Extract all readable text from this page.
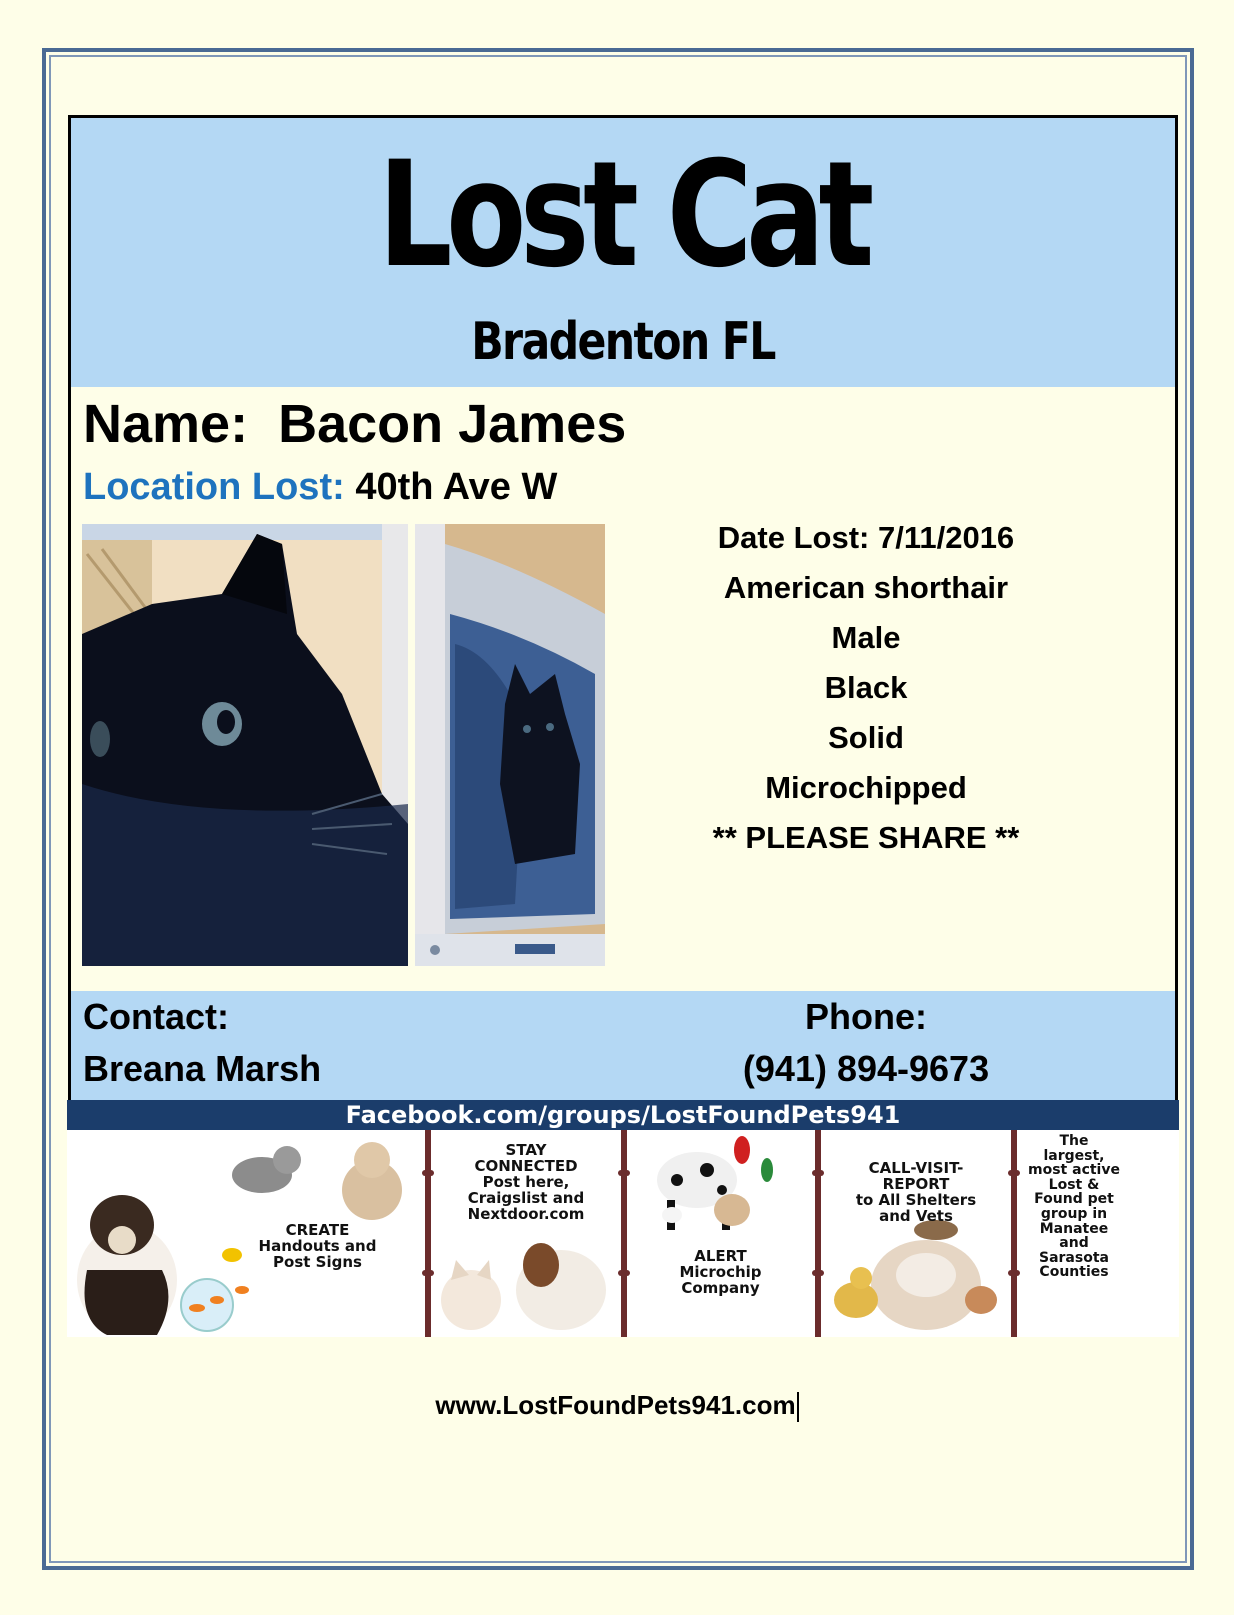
Lost Cat
Bradenton FL
Name: Bacon James
Location Lost: 40th Ave W
Date Lost: 7/11/2016
American shorthair
Male
Black
Solid
Microchipped
** PLEASE SHARE **
Contact:
Breana Marsh
Phone:
(941) 894-9673
Facebook.com/groups/LostFoundPets941
CREATE
Handouts and
Post Signs
STAY
CONNECTED
Post here,
Craigslist and
Nextdoor.com
ALERT
Microchip
Company
CALL-VISIT-
REPORT
to All Shelters
and Vets
The
largest,
most active
Lost &
Found pet
group in
Manatee
and
Sarasota
Counties
www.LostFoundPets941.com
